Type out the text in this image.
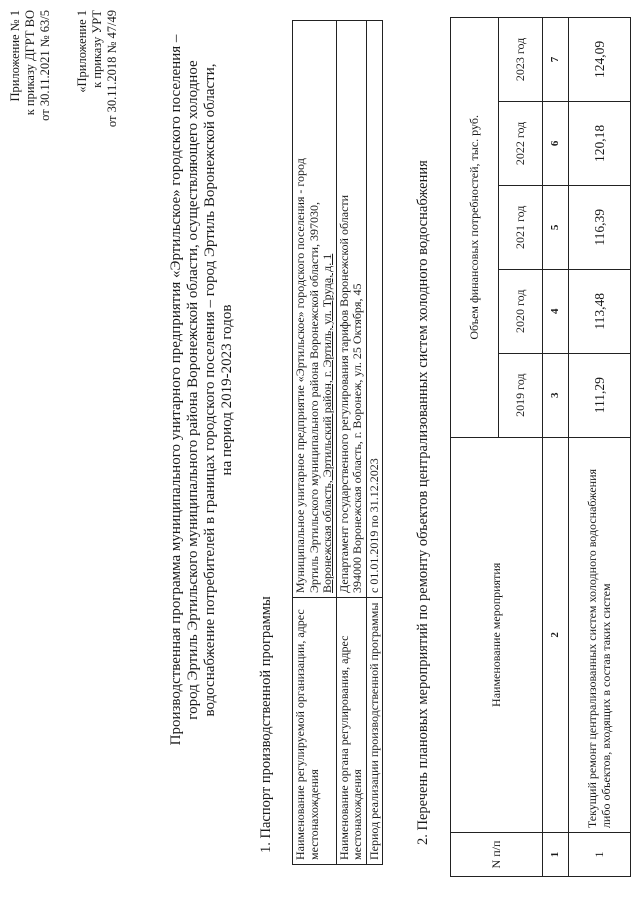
Приложение № 1 к приказу ДГРТ ВО от 30.11.2021 № 63/5 «Приложение 1 к приказу УРТ от 30.11.2018 № 47/49	Производственная программа муниципального унитарного предприятия «Эртильское» городского поселения – город Эртиль Эртильского муниципального района Воронежской области, осуществляющего холодное водоснабжение потребителей в границах городского поселения – город Эртиль Воронежской области, на период 2019-2023 годов
1. Паспорт производственной программы Наименование регулируемой организации, адрес местонахождения	Муниципальное унитарное предприятие «Эртильское» городского поселения - город Эртиль Эртильского муниципального района Воронежской области, 397030, Воронежская область, Эртильский район, г. Эртиль, ул. Труда, д. 1

Наименование органа регулирования, адрес местонахождения	Департамент государственного регулирования тарифов Воронежской области 394000 Воронежская область, г. Воронеж, ул. 25 Октября, 45

Период реализации производственной программы	с 01.01.2019 по 31.12.2023 2. Перечень плановых мероприятий по ремонту объектов централизованных систем холодного водоснабжения
N п/п	Наименование мероприятия	Объем финансовых потребностей, тыс. руб.				
		2019 год	2020 год	2021 год	2022 год	2023 год
1	2	3	4	5	6	7
1	Текущий ремонт централизованных систем холодного водоснабжения либо объектов, входящих в состав таких систем	111,29	113,48	116,39	120,18	124,09
